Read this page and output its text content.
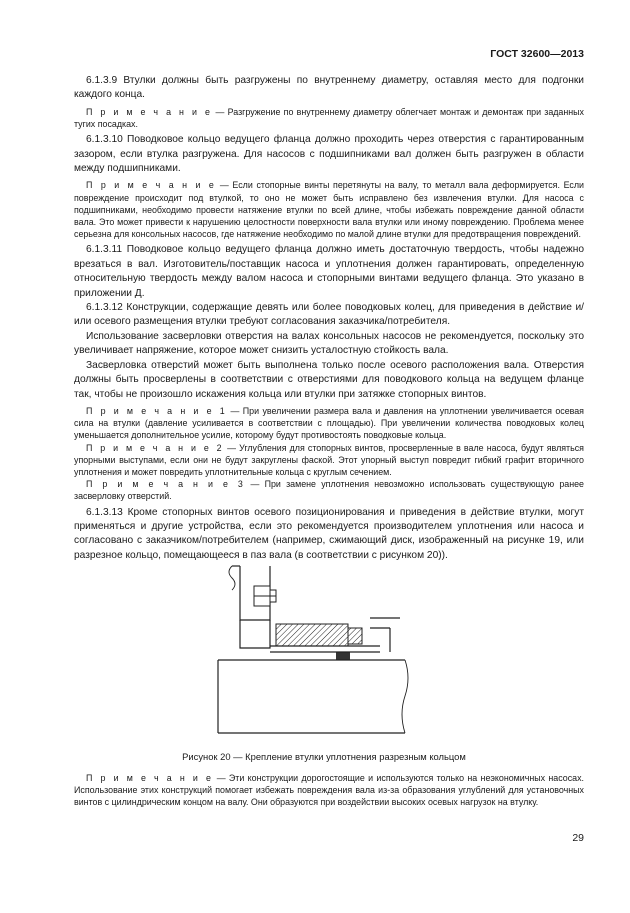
ГОСТ 32600—2013

6.1.3.9 Втулки должны быть разгружены по внутреннему диаметру, оставляя место для подгонки каждого конца.

П р и м е ч а н и е — Разгружение по внутреннему диаметру облегчает монтаж и демонтаж при заданных тугих посадках.

6.1.3.10 Поводковое кольцо ведущего фланца должно проходить через отверстия с гарантированным зазором, если втулка разгружена. Для насосов с подшипниками вал должен быть разгружен в области между подшипниками.

П р и м е ч а н и е — Если стопорные винты перетянуты на валу, то металл вала деформируется. Если повреждение происходит под втулкой, то оно не может быть исправлено без извлечения втулки. Для насоса с подшипниками, необходимо провести натяжение втулки по всей длине, чтобы избежать повреждение данной области вала. Это может привести к нарушению целостности поверхности вала втулки или иному повреждению. Проблема менее серьезна для консольных насосов, где натяжение необходимо по малой длине втулки для предотвращения повреждений.

6.1.3.11 Поводковое кольцо ведущего фланца должно иметь достаточную твердость, чтобы надежно врезаться в вал. Изготовитель/поставщик насоса и уплотнения должен гарантировать, определенную относительную твердость между валом насоса и стопорными винтами ведущего фланца. Это указано в приложении Д.

6.1.3.12 Конструкции, содержащие девять или более поводковых колец, для приведения в действие и/или осевого размещения втулки требуют согласования заказчика/потребителя.

Использование засверловки отверстия на валах консольных насосов не рекомендуется, поскольку это увеличивает напряжение, которое может снизить усталостную стойкость вала.

Засверловка отверстий может быть выполнена только после осевого расположения вала. Отверстия должны быть просверлены в соответствии с отверстиями для поводкового кольца на ведущем фланце так, чтобы не произошло искажения кольца или втулки при затяжке стопорных винтов.

П р и м е ч а н и е 1 — При увеличении размера вала и давления на уплотнении увеличивается осевая сила на втулки (давление усиливается в соответствии с площадью). При увеличении количества поводковых колец уменьшается дополнительное усилие, которому будут противостоять поводковые кольца.

П р и м е ч а н и е 2 — Углубления для стопорных винтов, просверленные в вале насоса, будут являться упорными выступами, если они не будут закруглены фаской. Этот упорный выступ повредит гибкий графит вторичного уплотнения и может повредить уплотнительные кольца с круглым сечением.

П р и м е ч а н и е 3 — При замене уплотнения невозможно использовать существующую ранее засверловку отверстий.

6.1.3.13 Кроме стопорных винтов осевого позиционирования и приведения в действие втулки, могут применяться и другие устройства, если это рекомендуется производителем уплотнения или насоса и согласовано с заказчиком/потребителем (например, сжимающий диск, изображенный на рисунке 19, или разрезное кольцо, помещающееся в паз вала (в соответствии с рисунком 20)).

Рисунок 20 — Крепление втулки уплотнения разрезным кольцом

П р и м е ч а н и е — Эти конструкции дорогостоящие и используются только на неэкономичных насосах. Использование этих конструкций помогает избежать повреждения вала из-за образования углублений для установочных винтов с цилиндрическим концом на валу. Они образуются при воздействии высоких осевых нагрузок на втулку.

29
